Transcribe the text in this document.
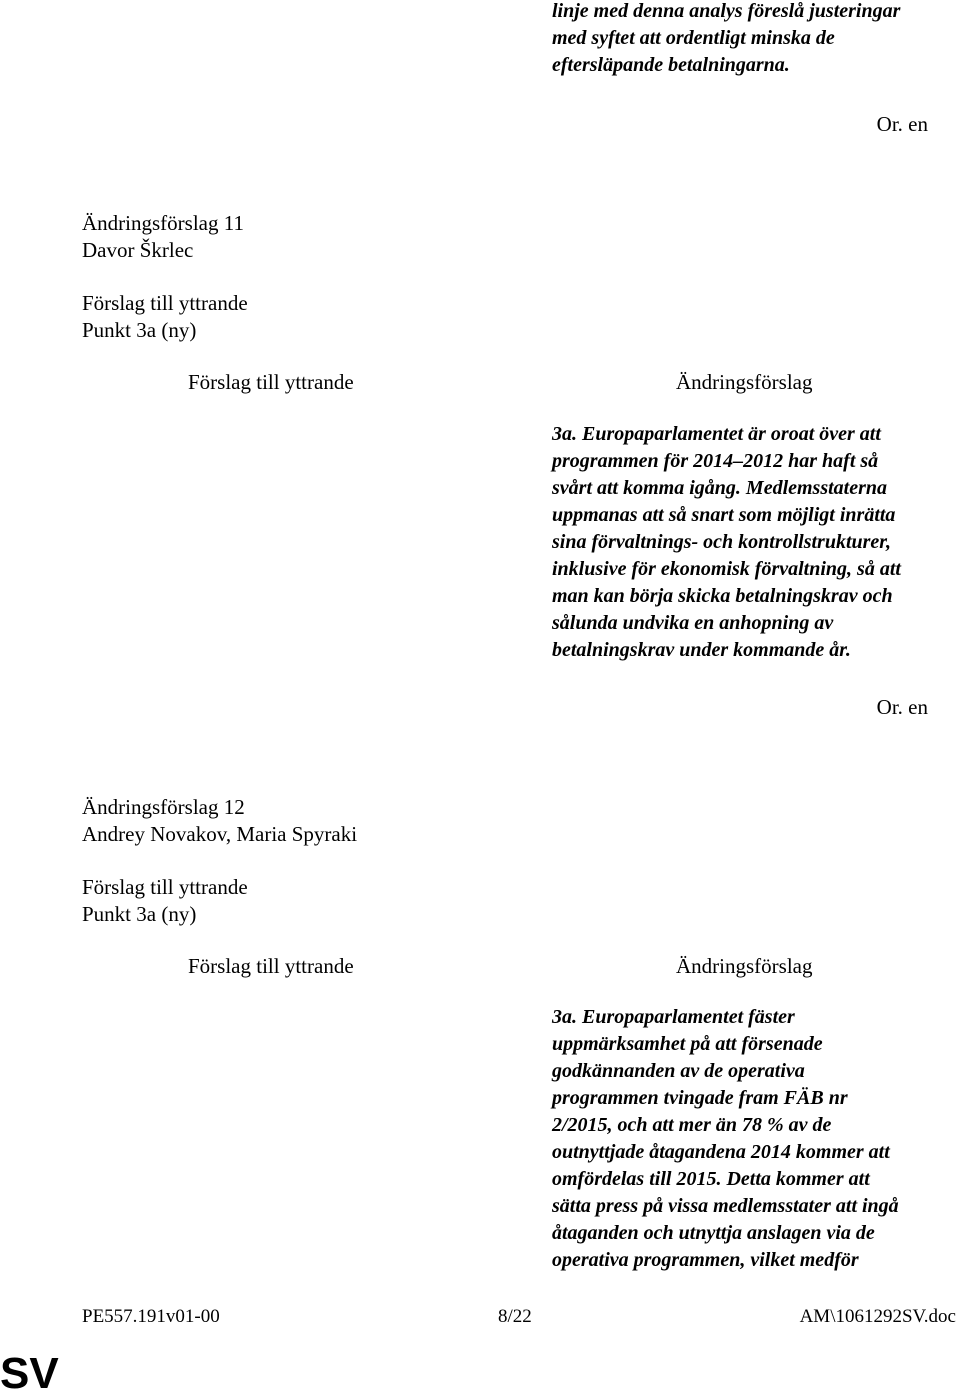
linje med denna analys föreslå justeringar
med syftet att ordentligt minska de
eftersläpande betalningarna.
Or. en
Ändringsförslag 11
Davor Škrlec
Förslag till yttrande
Punkt 3a (ny)
Förslag till yttrande	Ändringsförslag
3a. Europaparlamentet är oroat över att
programmen för 2014–2012 har haft så
svårt att komma igång. Medlemsstaterna
uppmanas att så snart som möjligt inrätta
sina förvaltnings- och kontrollstrukturer,
inklusive för ekonomisk förvaltning, så att
man kan börja skicka betalningskrav och
sålunda undvika en anhopning av
betalningskrav under kommande år.
Or. en
Ändringsförslag 12
Andrey Novakov, Maria Spyraki
Förslag till yttrande
Punkt 3a (ny)
Förslag till yttrande	Ändringsförslag
3a. Europaparlamentet fäster
uppmärksamhet på att försenade
godkännanden av de operativa
programmen tvingade fram FÄB nr
2/2015, och att mer än 78 % av de
outnyttjade åtagandena 2014 kommer att
omfördelas till 2015. Detta kommer att
sätta press på vissa medlemsstater att ingå
åtaganden och utnyttja anslagen via de
operativa programmen, vilket medför
PE557.191v01-00	8/22	AM\1061292SV.doc
SV
